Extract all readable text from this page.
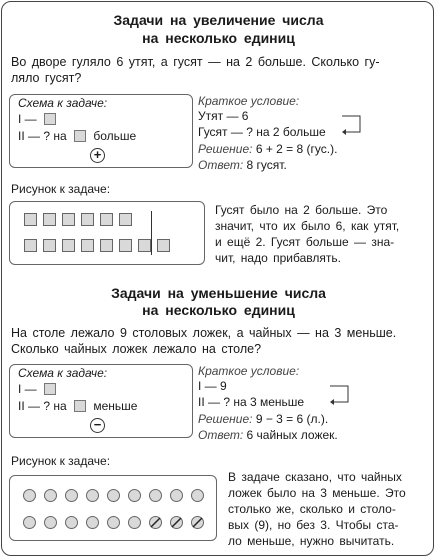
Задачи на увеличение числа
на несколько единиц
Во дворе гуляло 6 утят, а гусят — на 2 больше. Сколько гу-
ляло гусят?
Схема к задаче:
I —
II — ? на больше
+
Краткое условие:
Утят — 6
Гусят — ? на 2 больше
Решение: 6 + 2 = 8 (гус.).
Ответ: 8 гусят.
Рисунок к задаче:
Гусят было на 2 больше. Это
значит, что их было 6, как утят,
и ещё 2. Гусят больше — зна-
чит, надо прибавлять.
Задачи на уменьшение числа
на несколько единиц
На столе лежало 9 столовых ложек, а чайных — на 3 меньше.
Сколько чайных ложек лежало на столе?
Схема к задаче:
I —
II — ? на меньше
−
Краткое условие:
I — 9
II — ? на 3 меньше
Решение: 9 − 3 = 6 (л.).
Ответ: 6 чайных ложек.
Рисунок к задаче:
В задаче сказано, что чайных
ложек было на 3 меньше. Это
столько же, сколько и столо-
вых (9), но без 3. Чтобы ста-
ло меньше, нужно вычитать.
